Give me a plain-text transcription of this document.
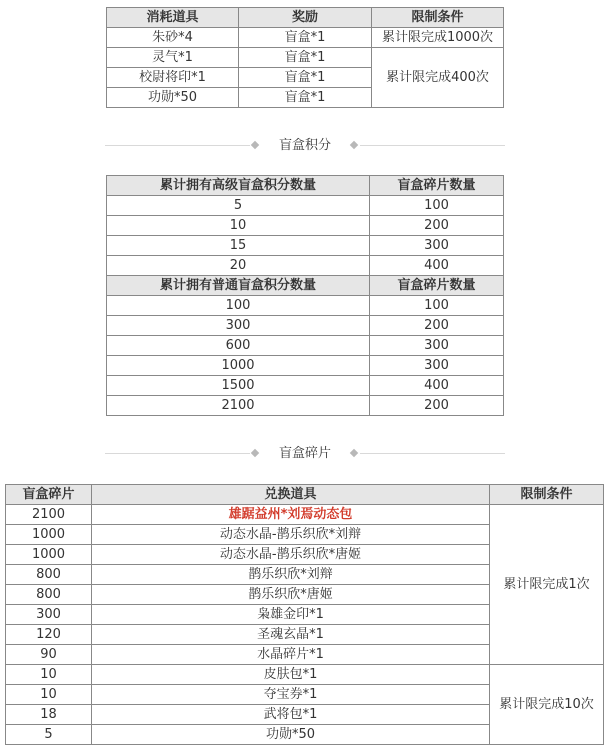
消耗道具	奖励	限制条件
朱砂*4	盲盒*1	累计限完成1000次
灵气*1	盲盒*1	累计限完成400次
校尉将印*1	盲盒*1	
功勋*50	盲盒*1	
盲盒积分
累计拥有高级盲盒积分数量	盲盒碎片数量
5	100
10	200
15	300
20	400
累计拥有普通盲盒积分数量	盲盒碎片数量
100	100
300	200
600	300
1000	300
1500	400
2100	200
盲盒碎片
盲盒碎片	兑换道具	限制条件
2100	雄踞益州*刘焉动态包	累计限完成1次
1000	动态水晶-鹊乐织欣*刘辩	
1000	动态水晶-鹊乐织欣*唐姬	
800	鹊乐织欣*刘辩	
800	鹊乐织欣*唐姬	
300	枭雄金印*1	
120	圣魂玄晶*1	
90	水晶碎片*1	
10	皮肤包*1	累计限完成10次
10	夺宝券*1	
18	武将包*1	
5	功勋*50	
